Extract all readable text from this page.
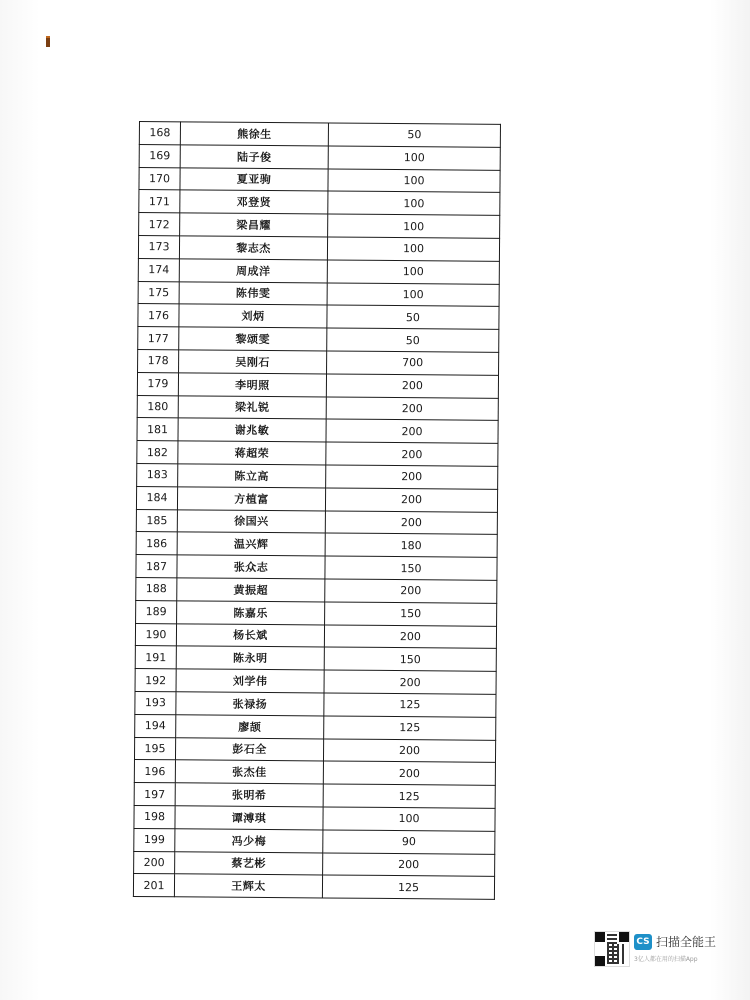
168	熊徐生	50
169	陆子俊	100
170	夏亚驹	100
171	邓登贤	100
172	梁昌耀	100
173	黎志杰	100
174	周成洋	100
175	陈伟雯	100
176	刘炳	50
177	黎颂雯	50
178	吴刚石	700
179	李明照	200
180	梁礼锐	200
181	谢兆敏	200
182	蒋超荣	200
183	陈立高	200
184	方植富	200
185	徐国兴	200
186	温兴辉	180
187	张众志	150
188	黄振超	200
189	陈嘉乐	150
190	杨长斌	200
191	陈永明	150
192	刘学伟	200
193	张禄扬	125
194	廖颉	125
195	彭石全	200
196	张杰佳	200
197	张明希	125
198	谭溥琪	100
199	冯少梅	90
200	蔡艺彬	200
201	王辉太	125
CS 扫描全能王
3亿人都在用的扫描App
